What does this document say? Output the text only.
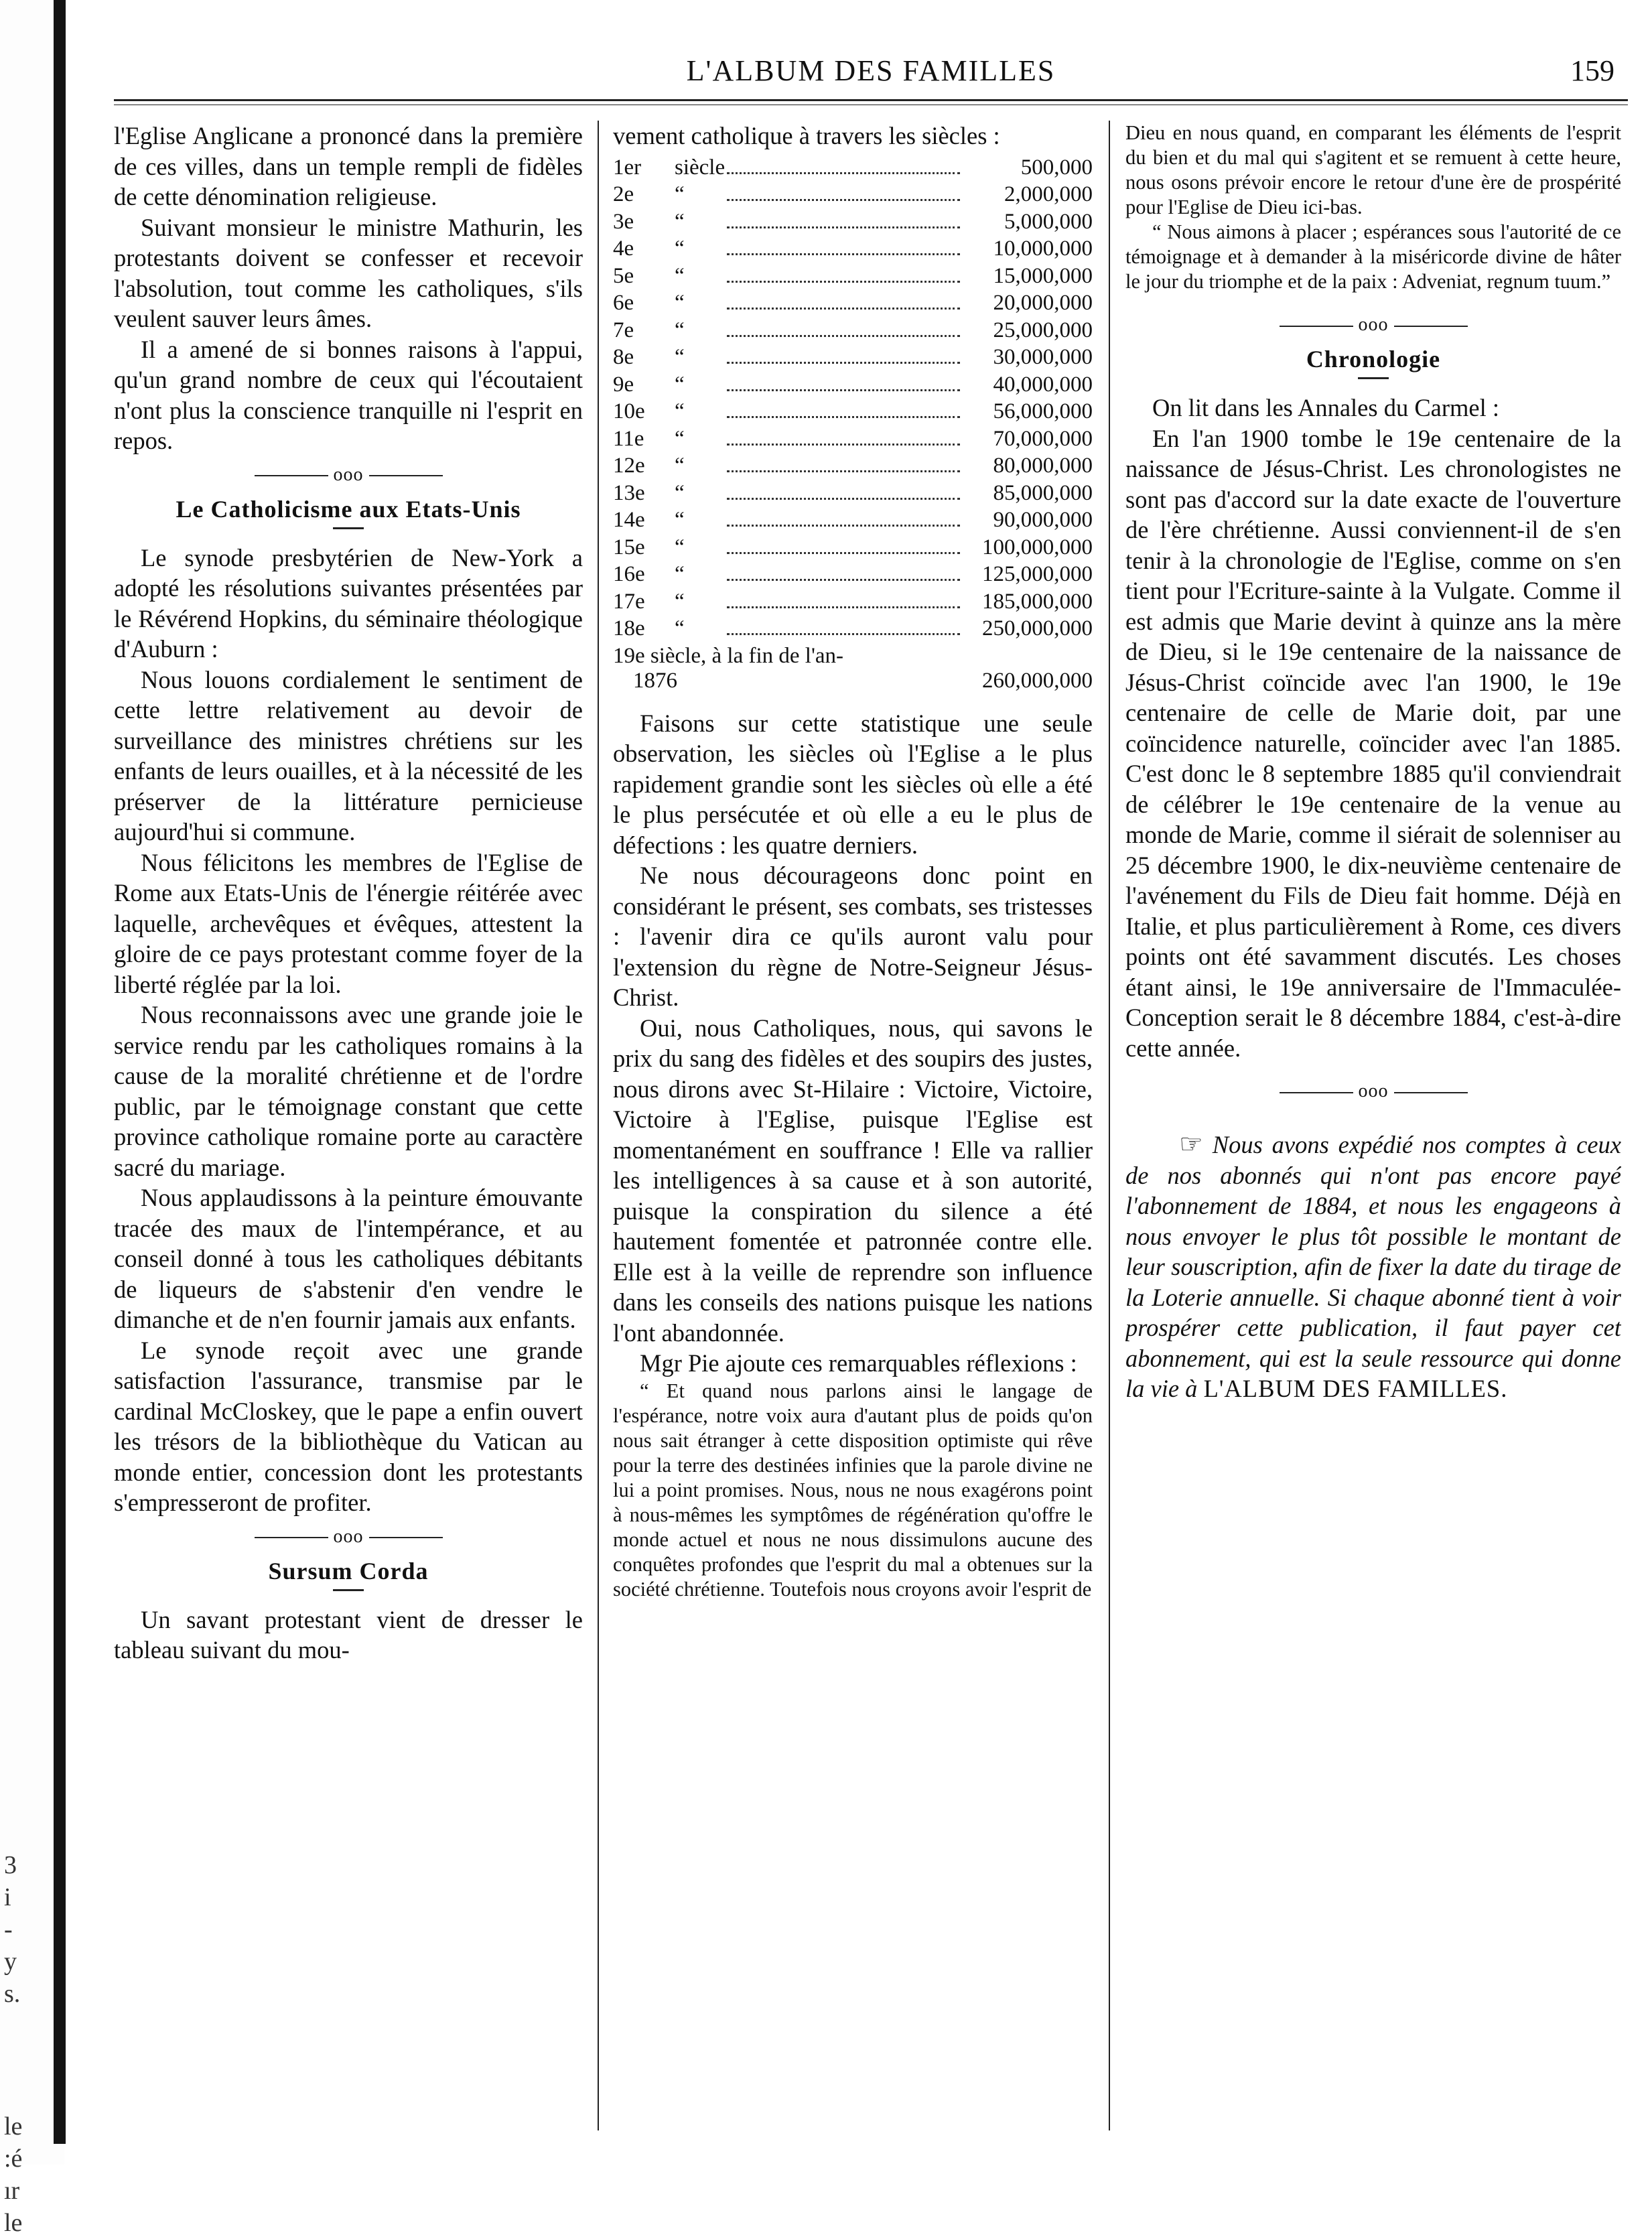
3
i
-
y
s.
le
:é
ır
le
L'ALBUM DES FAMILLES	159

l'Eglise Anglicane a prononcé dans la première de ces villes, dans un temple rempli de fidèles de cette dénomination religieuse.

Suivant monsieur le ministre Mathurin, les protestants doivent se confesser et recevoir l'absolution, tout comme les catholiques, s'ils veulent sauver leurs âmes.

Il a amené de si bonnes raisons à l'appui, qu'un grand nombre de ceux qui l'écoutaient n'ont plus la conscience tranquille ni l'esprit en repos.

ooo
Le Catholicisme aux Etats-Unis

Le synode presbytérien de New-York a adopté les résolutions suivantes présentées par le Révérend Hopkins, du séminaire théologique d'Auburn :

Nous louons cordialement le sentiment de cette lettre relativement au devoir de surveillance des ministres chrétiens sur les enfants de leurs ouailles, et à la nécessité de les préserver de la littérature pernicieuse aujourd'hui si commune.

Nous félicitons les membres de l'Eglise de Rome aux Etats-Unis de l'énergie réitérée avec laquelle, archevêques et évêques, attestent la gloire de ce pays protestant comme foyer de la liberté réglée par la loi.

Nous reconnaissons avec une grande joie le service rendu par les catholiques romains à la cause de la moralité chrétienne et de l'ordre public, par le témoignage constant que cette province catholique romaine porte au caractère sacré du mariage.

Nous applaudissons à la peinture émouvante tracée des maux de l'intempérance, et au conseil donné à tous les catholiques débitants de liqueurs de s'abstenir d'en vendre le dimanche et de n'en fournir jamais aux enfants.

Le synode reçoit avec une grande satisfaction l'assurance, transmise par le cardinal McCloskey, que le pape a enfin ouvert les trésors de la bibliothèque du Vatican au monde entier, concession dont les protestants s'empresseront de profiter.

ooo
Sursum Corda

Un savant protestant vient de dresser le tableau suivant du mou-

vement catholique à travers les siècles :

1er	siècle	500,000
2e	“	2,000,000
3e	“	5,000,000
4e	“	10,000,000
5e	“	15,000,000
6e	“	20,000,000
7e	“	25,000,000
8e	“	30,000,000
9e	“	40,000,000
10e	“	56,000,000
11e	“	70,000,000
12e	“	80,000,000
13e	“	85,000,000
14e	“	90,000,000
15e	“	100,000,000
16e	“	125,000,000
17e	“	185,000,000
18e	“	250,000,000
19e siècle, à la fin de l'an-
1876	260,000,000

Faisons sur cette statistique une seule observation, les siècles où l'Eglise a le plus rapidement grandie sont les siècles où elle a été le plus persécutée et où elle a eu le plus de défections : les quatre derniers.

Ne nous décourageons donc point en considérant le présent, ses combats, ses tristesses : l'avenir dira ce qu'ils auront valu pour l'extension du règne de Notre-Seigneur Jésus-Christ.

Oui, nous Catholiques, nous, qui savons le prix du sang des fidèles et des soupirs des justes, nous dirons avec St-Hilaire : Victoire, Victoire, Victoire à l'Eglise, puisque l'Eglise est momentanément en souffrance ! Elle va rallier les intelligences à sa cause et à son autorité, puisque la conspiration du silence a été hautement fomentée et patronnée contre elle. Elle est à la veille de reprendre son influence dans les conseils des nations puisque les nations l'ont abandonnée.

Mgr Pie ajoute ces remarquables réflexions :

“ Et quand nous parlons ainsi le langage de l'espérance, notre voix aura d'autant plus de poids qu'on nous sait étranger à cette disposition optimiste qui rêve pour la terre des destinées infinies que la parole divine ne lui a point promises. Nous, nous ne nous exagérons point à nous-mêmes les symptômes de régénération qu'offre le monde actuel et nous ne nous dissimulons aucune des conquêtes profondes que l'esprit du mal a obtenues sur la société chrétienne. Toutefois nous croyons avoir l'esprit de

Dieu en nous quand, en comparant les éléments de l'esprit du bien et du mal qui s'agitent et se remuent à cette heure, nous osons prévoir encore le retour d'une ère de prospérité pour l'Eglise de Dieu ici-bas.

“ Nous aimons à placer ; espérances sous l'autorité de ce témoignage et à demander à la miséricorde divine de hâter le jour du triomphe et de la paix : Adveniat, regnum tuum.”

ooo
Chronologie

On lit dans les Annales du Carmel :

En l'an 1900 tombe le 19e centenaire de la naissance de Jésus-Christ. Les chronologistes ne sont pas d'accord sur la date exacte de l'ouverture de l'ère chrétienne. Aussi conviennent-il de s'en tenir à la chronologie de l'Eglise, comme on s'en tient pour l'Ecriture-sainte à la Vulgate. Comme il est admis que Marie devint à quinze ans la mère de Dieu, si le 19e centenaire de la naissance de Jésus-Christ coïncide avec l'an 1900, le 19e centenaire de celle de Marie doit, par une coïncidence naturelle, coïncider avec l'an 1885. C'est donc le 8 septembre 1885 qu'il conviendrait de célébrer le 19e centenaire de la venue au monde de Marie, comme il siérait de solenniser au 25 décembre 1900, le dix-neuvième centenaire de l'avénement du Fils de Dieu fait homme. Déjà en Italie, et plus particulièrement à Rome, ces divers points ont été savamment discutés. Les choses étant ainsi, le 19e anniversaire de l'Immaculée-Conception serait le 8 décembre 1884, c'est-à-dire cette année.

ooo

☞ Nous avons expédié nos comptes à ceux de nos abonnés qui n'ont pas encore payé l'abonnement de 1884, et nous les engageons à nous envoyer le plus tôt possible le montant de leur souscription, afin de fixer la date du tirage de la Loterie annuelle. Si chaque abonné tient à voir prospérer cette publication, il faut payer cet abonnement, qui est la seule ressource qui donne la vie à L'ALBUM DES FAMILLES.
